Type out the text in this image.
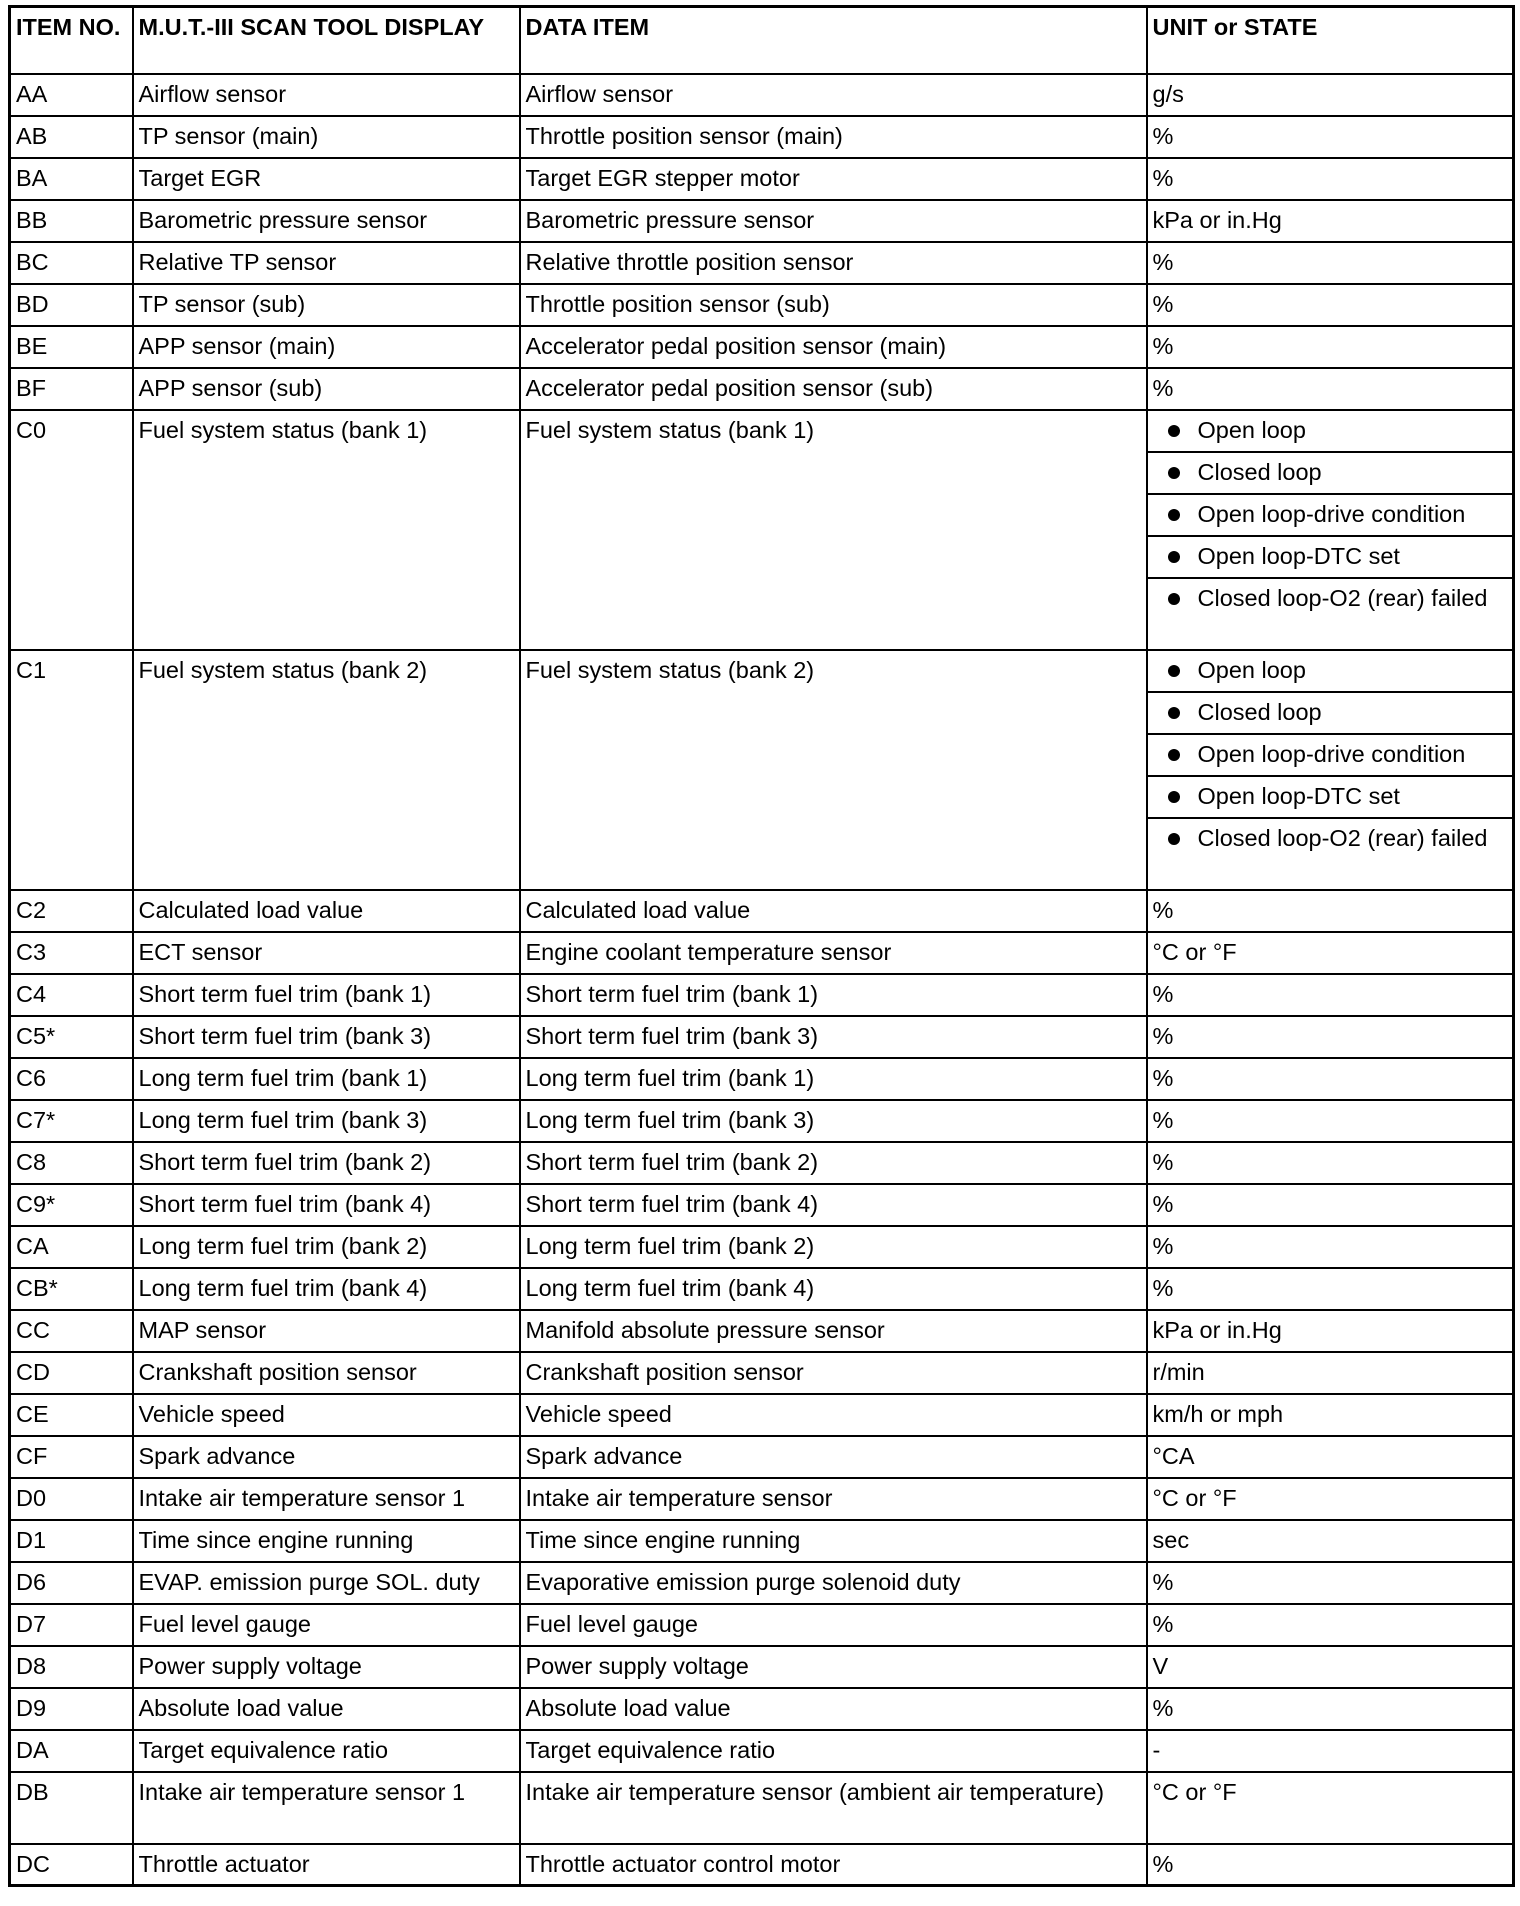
ITEM NO.	M.U.T.-III SCAN TOOL DISPLAY	DATA ITEM	UNIT or STATE
AA	Airflow sensor	Airflow sensor	g/s
AB	TP sensor (main)	Throttle position sensor (main)	%
BA	Target EGR	Target EGR stepper motor	%
BB	Barometric pressure sensor	Barometric pressure sensor	kPa or in.Hg
BC	Relative TP sensor	Relative throttle position sensor	%
BD	TP sensor (sub)	Throttle position sensor (sub)	%
BE	APP sensor (main)	Accelerator pedal position sensor (main)	%
BF	APP sensor (sub)	Accelerator pedal position sensor (sub)	%
C0	Fuel system status (bank 1)	Fuel system status (bank 1)	Open loop

			Closed loop

			Open loop-drive condition

			Open loop-DTC set

			Closed loop-O2 (rear) failed

C1	Fuel system status (bank 2)	Fuel system status (bank 2)	Open loop

			Closed loop

			Open loop-drive condition

			Open loop-DTC set

			Closed loop-O2 (rear) failed

C2	Calculated load value	Calculated load value	%
C3	ECT sensor	Engine coolant temperature sensor	°C or °F
C4	Short term fuel trim (bank 1)	Short term fuel trim (bank 1)	%
C5*	Short term fuel trim (bank 3)	Short term fuel trim (bank 3)	%
C6	Long term fuel trim (bank 1)	Long term fuel trim (bank 1)	%
C7*	Long term fuel trim (bank 3)	Long term fuel trim (bank 3)	%
C8	Short term fuel trim (bank 2)	Short term fuel trim (bank 2)	%
C9*	Short term fuel trim (bank 4)	Short term fuel trim (bank 4)	%
CA	Long term fuel trim (bank 2)	Long term fuel trim (bank 2)	%
CB*	Long term fuel trim (bank 4)	Long term fuel trim (bank 4)	%
CC	MAP sensor	Manifold absolute pressure sensor	kPa or in.Hg
CD	Crankshaft position sensor	Crankshaft position sensor	r/min
CE	Vehicle speed	Vehicle speed	km/h or mph
CF	Spark advance	Spark advance	°CA
D0	Intake air temperature sensor 1	Intake air temperature sensor	°C or °F
D1	Time since engine running	Time since engine running	sec
D6	EVAP. emission purge SOL. duty	Evaporative emission purge solenoid duty	%
D7	Fuel level gauge	Fuel level gauge	%
D8	Power supply voltage	Power supply voltage	V
D9	Absolute load value	Absolute load value	%
DA	Target equivalence ratio	Target equivalence ratio	-
DB	Intake air temperature sensor 1	Intake air temperature sensor (ambient air temperature)	°C or °F
DC	Throttle actuator	Throttle actuator control motor	%
